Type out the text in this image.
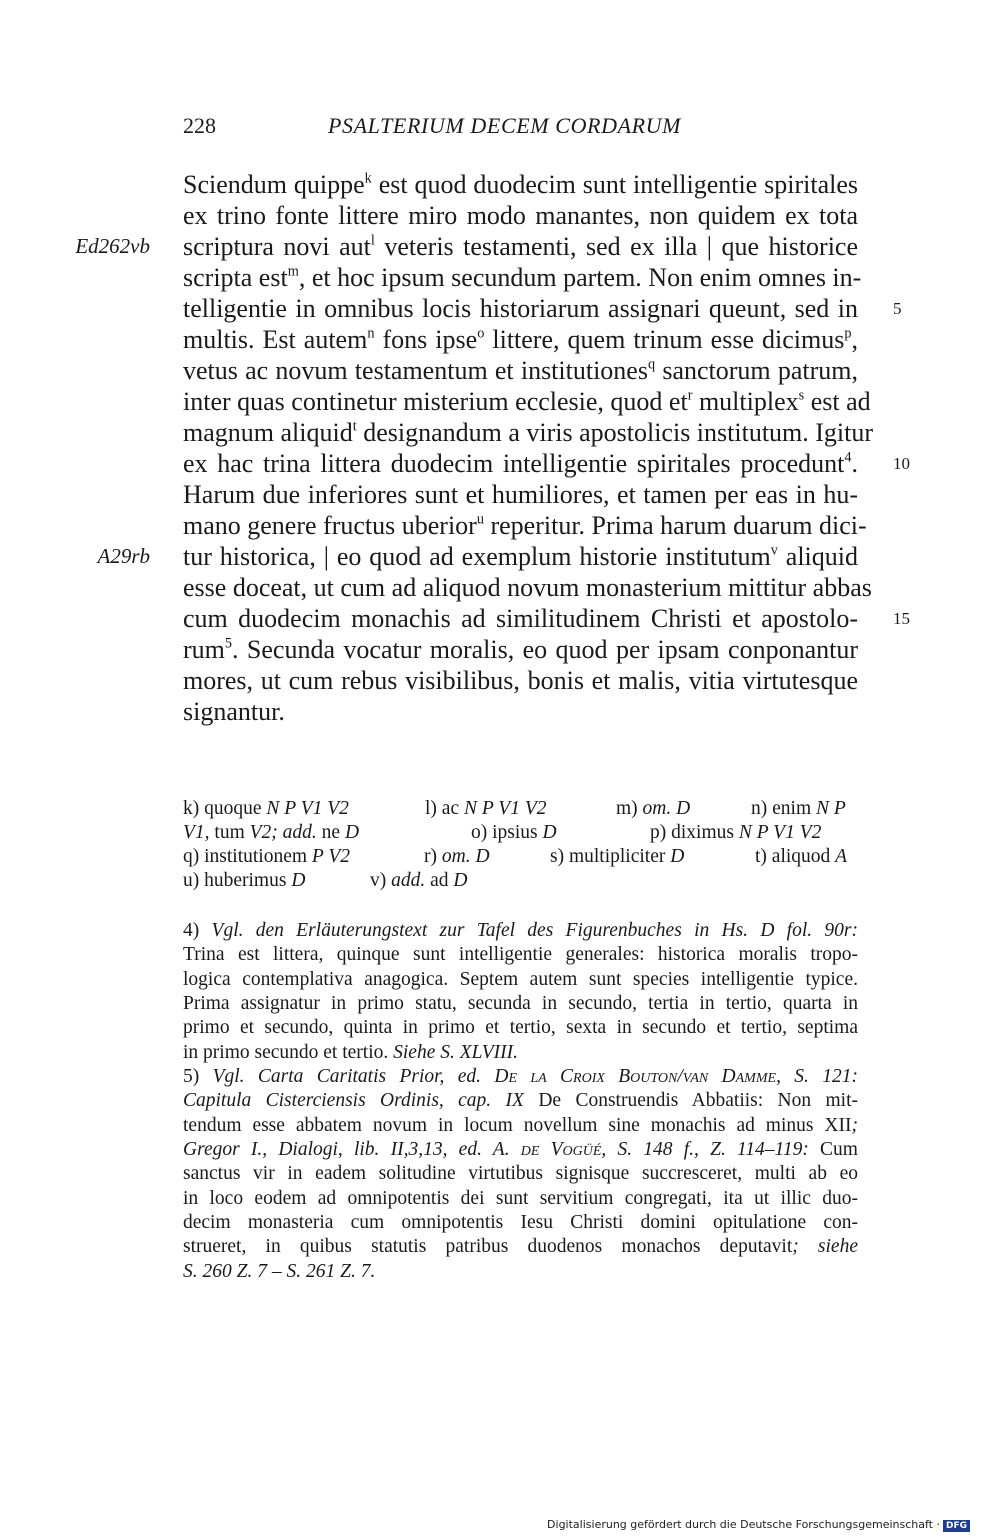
228	PSALTERIUM DECEM CORDARUM
Ed262vb
A29rb
5
10
15
Sciendum quippe$^k$ est quod duodecim sunt intelligentie spiritales
ex trino fonte littere miro modo manantes, non quidem ex tota
scriptura novi aut$^l$ veteris testamenti, sed ex illa | que historice
scripta est$^m$, et hoc ipsum secundum partem. Non enim omnes in-
telligentie in omnibus locis historiarum assignari queunt, sed in
multis. Est autem$^n$ fons ipse$^o$ littere, quem trinum esse dicimus$^p$,
vetus ac novum testamentum et institutiones$^q$ sanctorum patrum,
inter quas continetur misterium ecclesie, quod $et^r$ multiplex$^s$ est ad
magnum aliquid$^t$ designandum a viris apostolicis institutum. Igitur
ex hac trina littera duodecim intelligentie spiritales procedunt$^4$.
Harum due inferiores sunt et humiliores, et tamen per eas in hu-
mano genere fructus uberior$^u$ reperitur. Prima harum duarum dici-
tur historica, | eo quod ad exemplum historie institutum$^v$ aliquid
esse doceat, ut cum ad aliquod novum monasterium mittitur abbas
cum duodecim monachis ad similitudinem Christi et apostolo-
rum$^5$. Secunda vocatur moralis, eo quod per ipsam conponantur
mores, ut cum rebus visibilibus, bonis et malis, vitia virtutesque
signantur.
k) quoque N P V1 V2	l) ac N P V1 V2	m) om. D	n) enim N P
V1, tum V2; add. ne D	o) ipsius D	p) diximus N P V1 V2
q) institutionem P V2	r) om. D	s) multipliciter D	t) aliquod A
u) huberimus D	v) add. ad D
4) Vgl. den Erläuterungstext zur Tafel des Figurenbuches in Hs. D fol. 90r:
Trina est littera, quinque sunt intelligentie generales: historica moralis tropo-
logica contemplativa anagogica. Septem autem sunt species intelligentie typice.
Prima assignatur in primo statu, secunda in secundo, tertia in tertio, quarta in
primo et secundo, quinta in primo et tertio, sexta in secundo et tertio, septima
in primo secundo et tertio. Siehe S. XLVIII.
5) Vgl. Carta Caritatis Prior, ed. De la Croix Bouton/van Damme, S. 121:
Capitula Cisterciensis Ordinis, cap. IX De Construendis Abbatiis: Non mit-
tendum esse abbatem novum in locum novellum sine monachis ad minus XII;
Gregor I., Dialogi, lib. II,3,13, ed. A. de Vogüé, S. 148 f., Z. 114–119: Cum
sanctus vir in eadem solitudine virtutibus signisque succresceret, multi ab eo
in loco eodem ad omnipotentis dei sunt servitium congregati, ita ut illic duo-
decim monasteria cum omnipotentis Iesu Christi domini opitulatione con-
strueret, in quibus statutis patribus duodenos monachos deputavit; siehe
S. 260 Z. 7 – S. 261 Z. 7.
Digitalisierung gefördert durch die Deutsche Forschungsgemeinschaft · DFG
